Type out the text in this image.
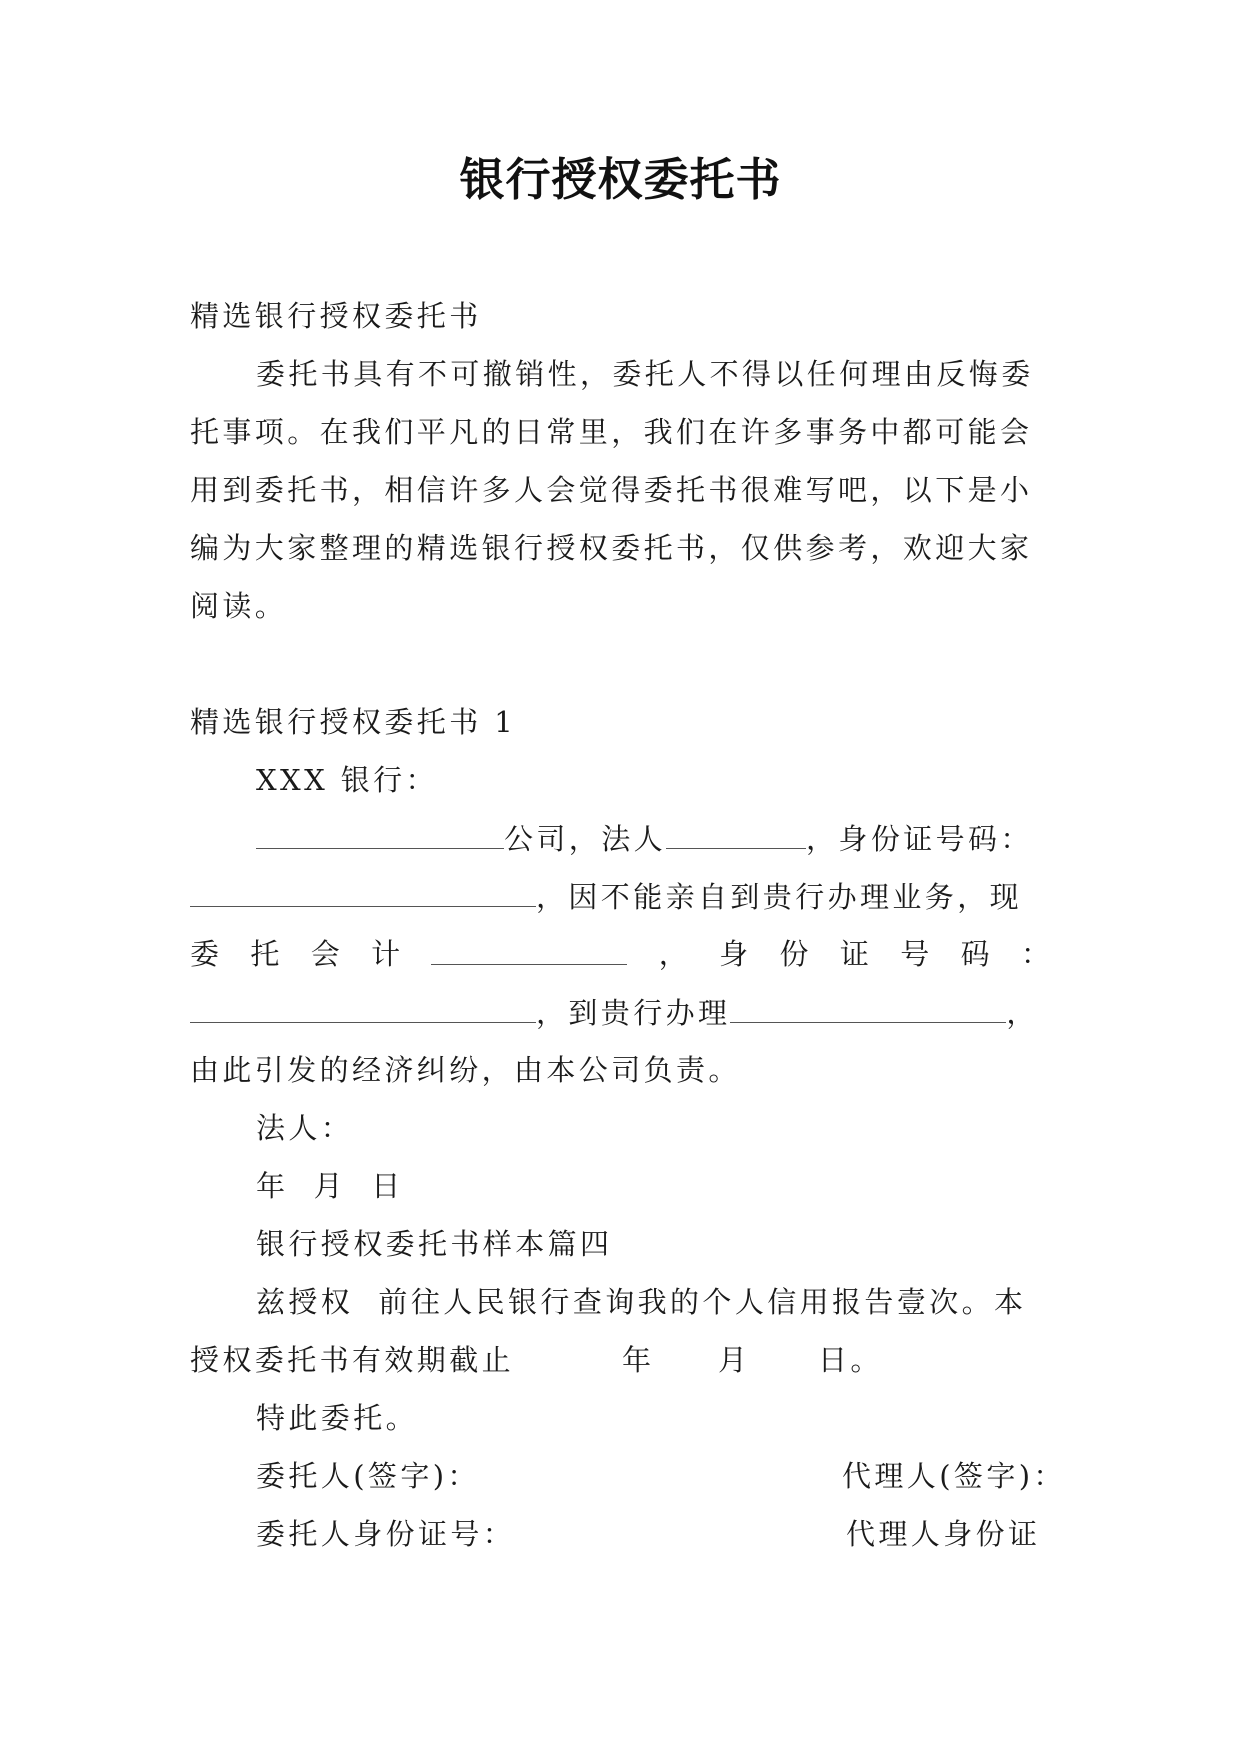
银行授权委托书

精选银行授权委托书

委托书具有不可撤销性，委托人不得以任何理由反悔委

托事项。在我们平凡的日常里，我们在许多事务中都可能会

用到委托书，相信许多人会觉得委托书很难写吧，以下是小

编为大家整理的精选银行授权委托书，仅供参考，欢迎大家

阅读。

精选银行授权委托书 1

XXX 银行：

公司，法人	，身份证号码：

，因不能亲自到贵行办理业务，现

委 托 会 计	， 身 份 证 号 码 ：

，到贵行办理	，

由此引发的经济纠纷，由本公司负责。

法人：

年  月  日

银行授权委托书样本篇四

兹授权  前往人民银行查询我的个人信用报告壹次。本

授权委托书有效期截止	年 月 日。

特此委托。

委托人(签字)：	代理人(签字)：

委托人身份证号：	代理人身份证
